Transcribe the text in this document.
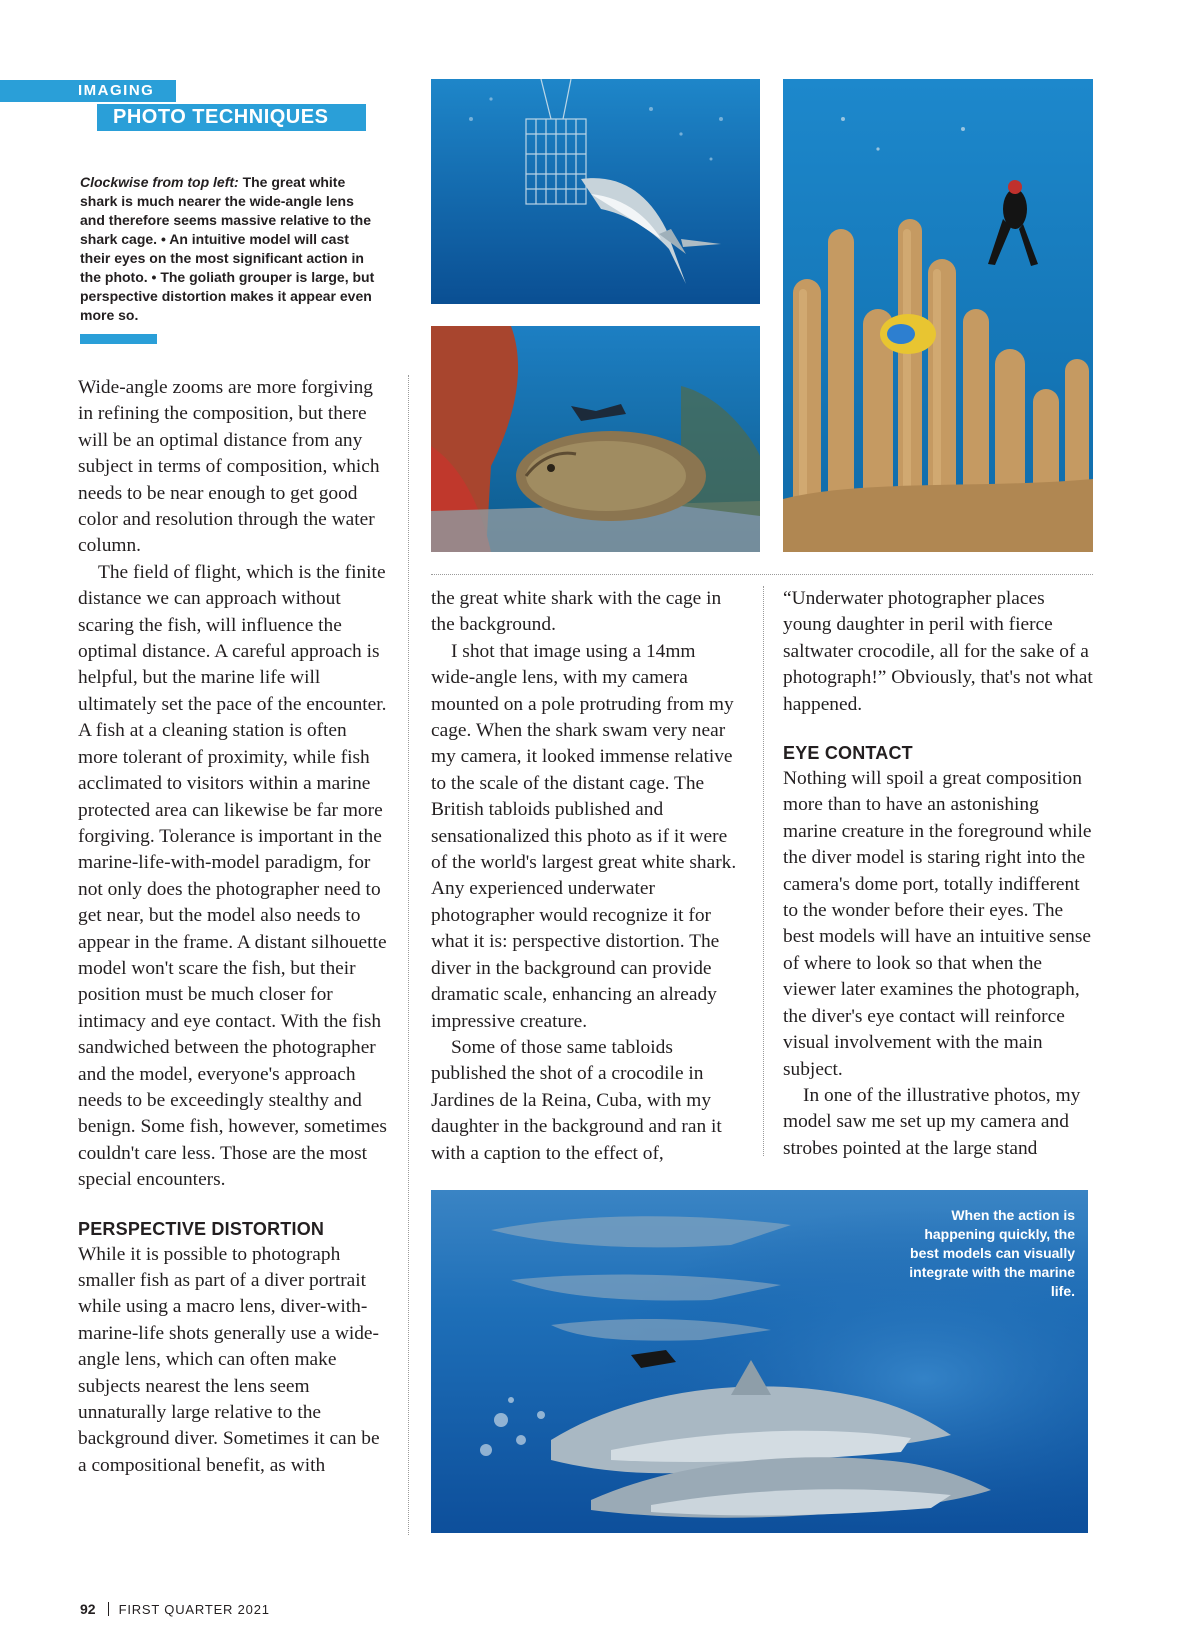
IMAGING
PHOTO TECHNIQUES
Clockwise from top left: The great white shark is much nearer the wide-angle lens and therefore seems massive relative to the shark cage. • An intuitive model will cast their eyes on the most significant action in the photo. • The goliath grouper is large, but perspective distortion makes it appear even more so.
When the action is happening quickly, the best models can visually integrate with the marine life.

Wide-angle zooms are more forgiving in refining the composition, but there will be an optimal distance from any subject in terms of composition, which needs to be near enough to get good color and resolution through the water column.

The field of flight, which is the finite distance we can approach without scaring the fish, will influence the optimal distance. A careful approach is helpful, but the marine life will ultimately set the pace of the encounter. A fish at a cleaning station is often more tolerant of proximity, while fish acclimated to visitors within a marine protected area can likewise be far more forgiving. Tolerance is important in the marine-life-with-model paradigm, for not only does the photographer need to get near, but the model also needs to appear in the frame. A distant silhouette model won't scare the fish, but their position must be much closer for intimacy and eye contact. With the fish sandwiched between the photographer and the model, everyone's approach needs to be exceedingly stealthy and benign. Some fish, however, sometimes couldn't care less. Those are the most special encounters.

PERSPECTIVE DISTORTION

While it is possible to photograph smaller fish as part of a diver portrait while using a macro lens, diver-with-marine-life shots generally use a wide-angle lens, which can often make subjects nearest the lens seem unnaturally large relative to the background diver. Sometimes it can be a compositional benefit, as with

the great white shark with the cage in the background.

I shot that image using a 14mm wide-angle lens, with my camera mounted on a pole protruding from my cage. When the shark swam very near my camera, it looked immense relative to the scale of the distant cage. The British tabloids published and sensationalized this photo as if it were of the world's largest great white shark. Any experienced underwater photographer would recognize it for what it is: perspective distortion. The diver in the background can provide dramatic scale, enhancing an already impressive creature.

Some of those same tabloids published the shot of a crocodile in Jardines de la Reina, Cuba, with my daughter in the background and ran it with a caption to the effect of,

“Underwater photographer places young daughter in peril with fierce saltwater crocodile, all for the sake of a photograph!” Obviously, that's not what happened.

EYE CONTACT

Nothing will spoil a great composition more than to have an astonishing marine creature in the foreground while the diver model is staring right into the camera's dome port, totally indifferent to the wonder before their eyes. The best models will have an intuitive sense of where to look so that when the viewer later examines the photograph, the diver's eye contact will reinforce visual involvement with the main subject.

In one of the illustrative photos, my model saw me set up my camera and strobes pointed at the large stand

92 FIRST QUARTER 2021
